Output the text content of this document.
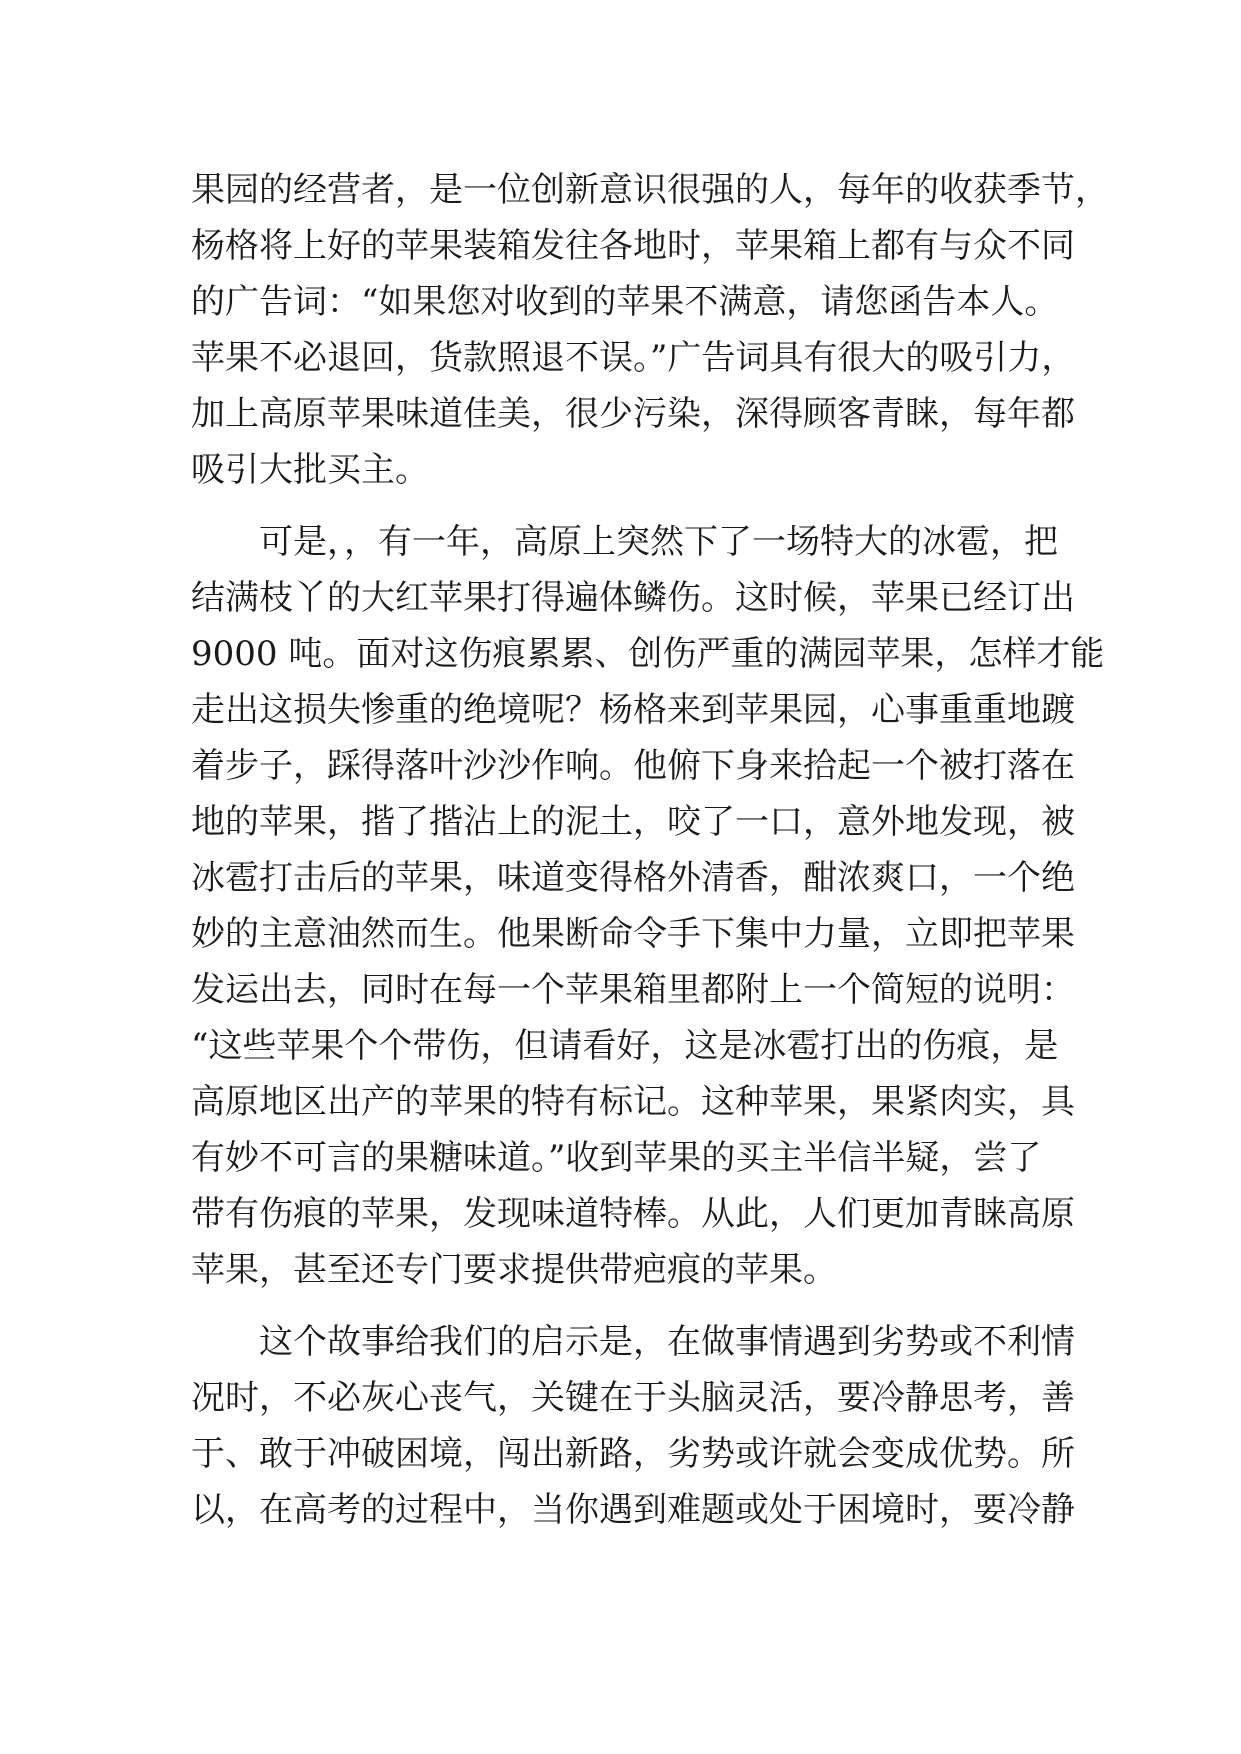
果园的经营者，是一位创新意识很强的人，每年的收获季节，
杨格将上好的苹果装箱发往各地时，苹果箱上都有与众不同
的广告词：“如果您对收到的苹果不满意，请您函告本人。
苹果不必退回，货款照退不误。”广告词具有很大的吸引力，
加上高原苹果味道佳美，很少污染，深得顾客青睐，每年都
吸引大批买主。
可是，，有一年，高原上突然下了一场特大的冰雹，把
结满枝丫的大红苹果打得遍体鳞伤。这时候，苹果已经订出
9000 吨。面对这伤痕累累、创伤严重的满园苹果，怎样才能
走出这损失惨重的绝境呢？杨格来到苹果园，心事重重地踱
着步子，踩得落叶沙沙作响。他俯下身来拾起一个被打落在
地的苹果，揩了揩沾上的泥土，咬了一口，意外地发现，被
冰雹打击后的苹果，味道变得格外清香，酣浓爽口，一个绝
妙的主意油然而生。他果断命令手下集中力量，立即把苹果
发运出去，同时在每一个苹果箱里都附上一个简短的说明：
“这些苹果个个带伤，但请看好，这是冰雹打出的伤痕，是
高原地区出产的苹果的特有标记。这种苹果，果紧肉实，具
有妙不可言的果糖味道。”收到苹果的买主半信半疑，尝了
带有伤痕的苹果，发现味道特棒。从此，人们更加青睐高原
苹果，甚至还专门要求提供带疤痕的苹果。
这个故事给我们的启示是，在做事情遇到劣势或不利情
况时，不必灰心丧气，关键在于头脑灵活，要冷静思考，善
于、敢于冲破困境，闯出新路，劣势或许就会变成优势。所
以，在高考的过程中，当你遇到难题或处于困境时，要冷静
